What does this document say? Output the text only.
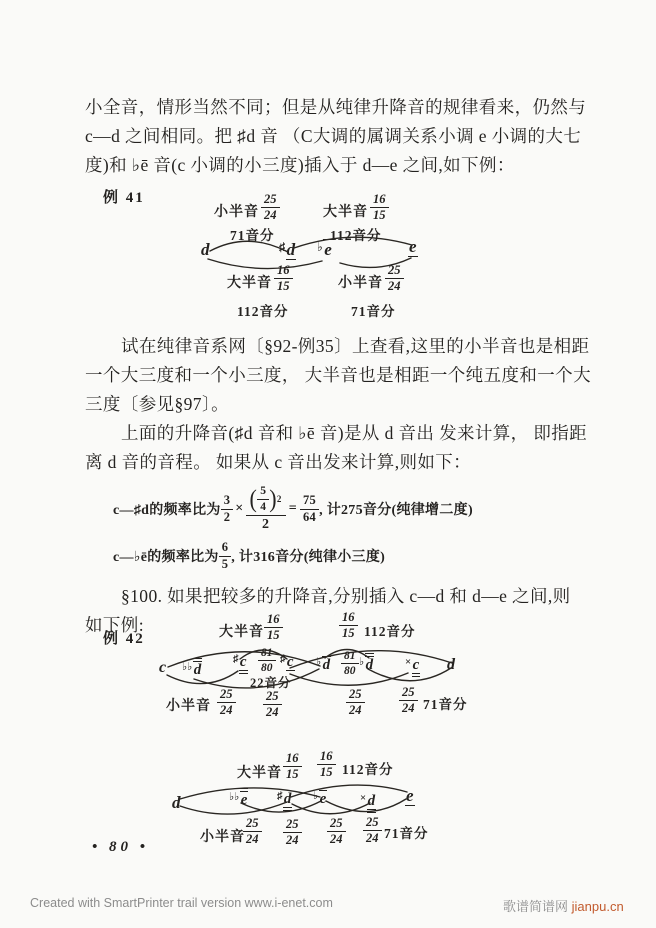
小全音，情形当然不同；但是从纯律升降音的规律看来，仍然与
c—d 之间相同。把 ♯d 音 （C大调的属调关系小调 e 小调的大七
度)和 ♭ē 音(c 小调的小三度)插入于 d—e 之间,如下例：
例 41
小半音 $\frac{25}{24}$
71音分
大半音 $\frac{16}{15}$
112音分
d	♯d ♭e	e
大半音 $\frac{16}{15}$
112音分
小半音 $\frac{25}{24}$
71音分
试在纯律音系网〔§92-例35〕上查看,这里的小半音也是相距
一个大三度和一个小三度， 大半音也是相距一个纯五度和一个大
三度〔参见§97〕。
上面的升降音(♯d 音和 ♭ē 音)是从 d 音出 发来计算， 即指距
离 d 音的音程。 如果从 c 音出发来计算,则如下：
c—♯d的频率比为 $\frac{3}{2} \times \frac{( \frac{5}{4} ) 2}{2} = \frac{75}{64}$ , 计275音分(纯律增二度)
c—♭ē的频率比为 $\frac{6}{5}$ , 计316音分(纯律小三度)
§100. 如果把较多的升降音,分别插入 c—d 和 d—e 之间,则
如下例:
例 42	大半音 $\frac{16}{15}$	$\frac{16}{15} 112$音分
c ♭♭ d
♯ c $\frac{81}{80}$
22音分
♯ c ♭ d $\frac{81}{80} ^♭$ d	× c d
小半音 $\frac{25}{24} \frac{25}{24}$	$\frac{25}{24}$	$\frac{25}{24} 71$音分
大半音 $\frac{16}{15} \frac{16}{15} 112$音分
d	♭♭ e	♯ d ♭ e	× d e
小半音
$\frac{25}{24} \frac{25}{24} \frac{25}{24} \frac{25}{24} 71$音分
• 80 •
Created with SmartPrinter trail version www.i-enet.com	歌谱简谱网 jianpu.cn
